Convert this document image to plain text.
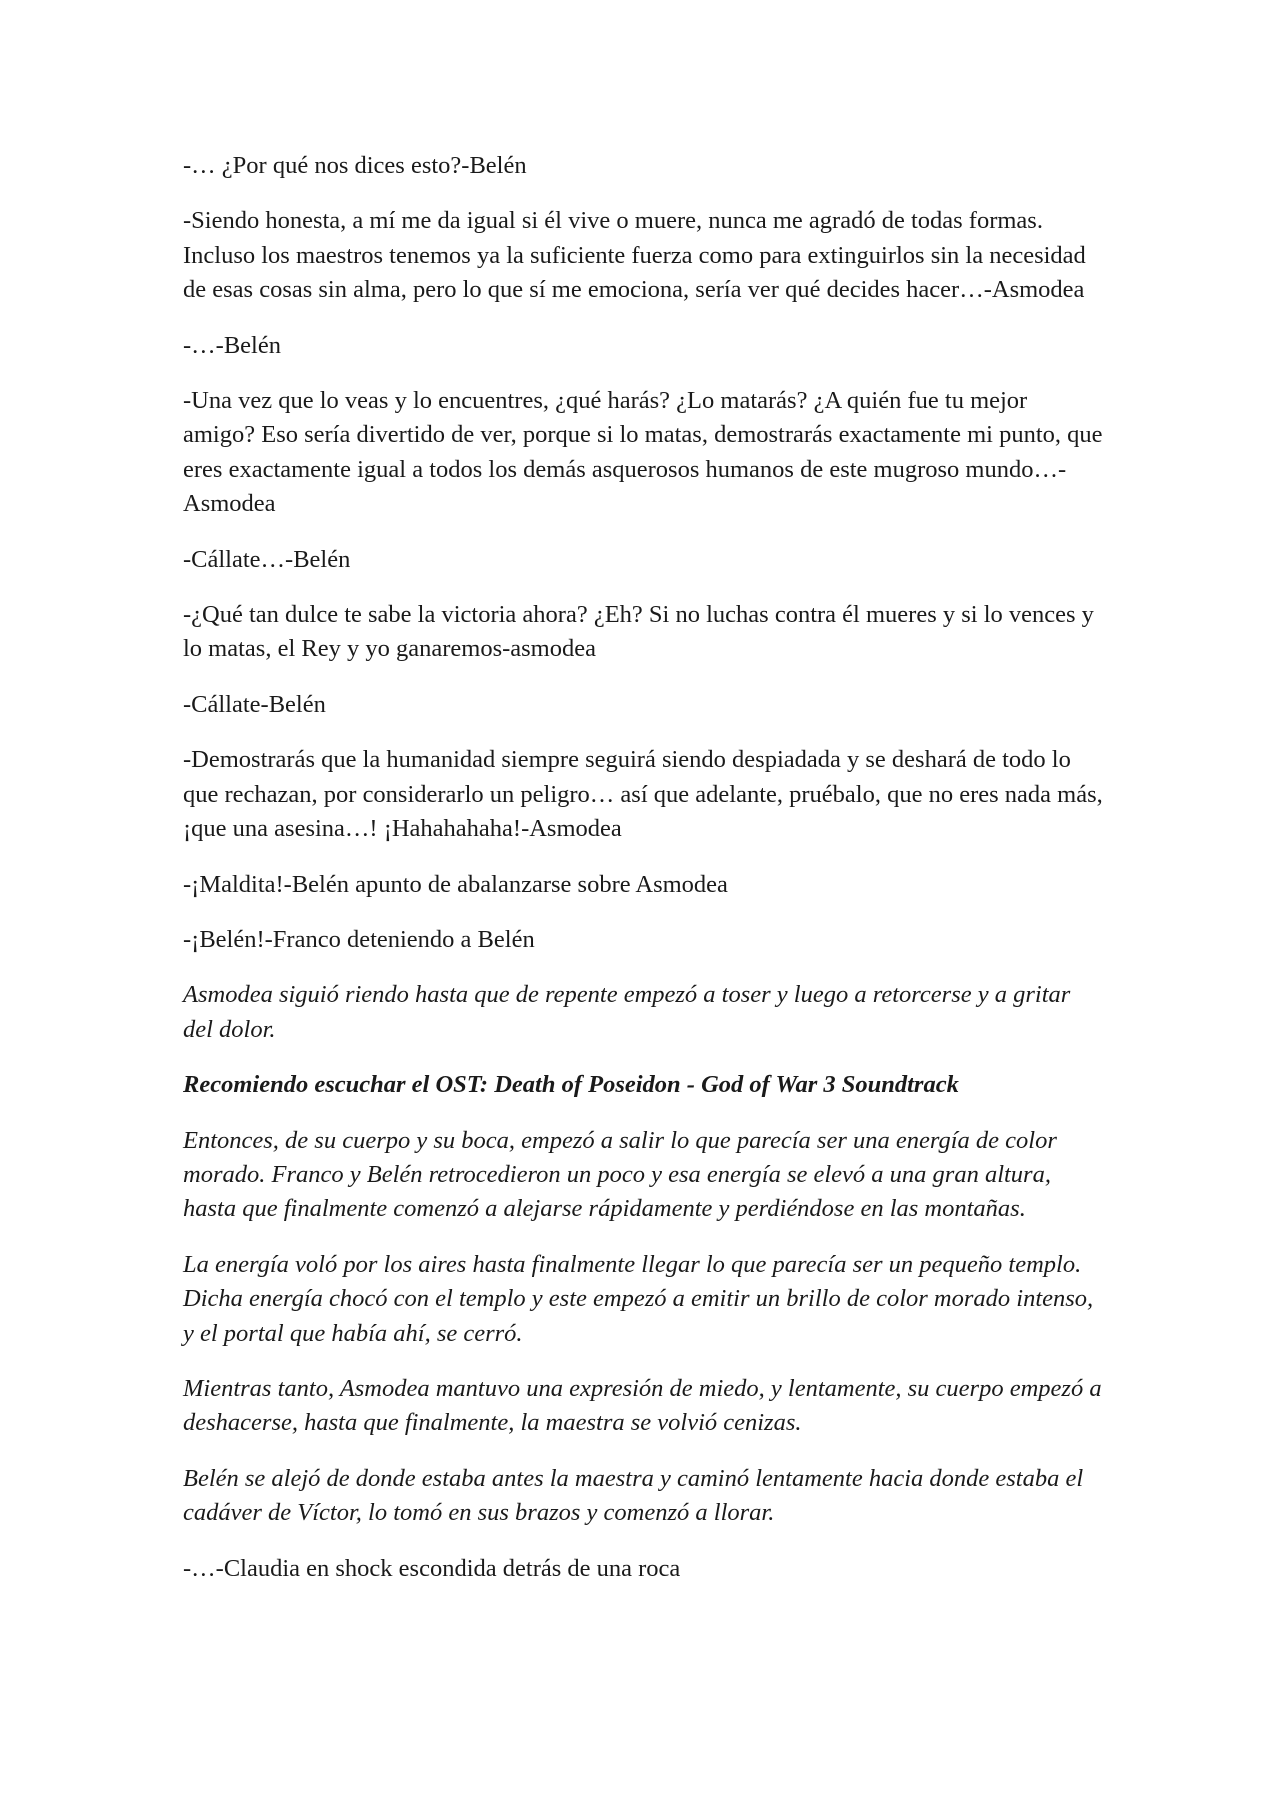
-… ¿Por qué nos dices esto?-Belén

-Siendo honesta, a mí me da igual si él vive o muere, nunca me agradó de todas formas. Incluso los maestros tenemos ya la suficiente fuerza como para extinguirlos sin la necesidad de esas cosas sin alma, pero lo que sí me emociona, sería ver qué decides hacer…-Asmodea

-…-Belén

-Una vez que lo veas y lo encuentres, ¿qué harás? ¿Lo matarás? ¿A quién fue tu mejor amigo? Eso sería divertido de ver, porque si lo matas, demostrarás exactamente mi punto, que eres exactamente igual a todos los demás asquerosos humanos de este mugroso mundo…-Asmodea

-Cállate…-Belén

-¿Qué tan dulce te sabe la victoria ahora? ¿Eh? Si no luchas contra él mueres y si lo vences y lo matas, el Rey y yo ganaremos-asmodea

-Cállate-Belén

-Demostrarás que la humanidad siempre seguirá siendo despiadada y se deshará de todo lo que rechazan, por considerarlo un peligro… así que adelante, pruébalo, que no eres nada más, ¡que una asesina…! ¡Hahahahaha!-Asmodea

-¡Maldita!-Belén apunto de abalanzarse sobre Asmodea

-¡Belén!-Franco deteniendo a Belén

Asmodea siguió riendo hasta que de repente empezó a toser y luego a retorcerse y a gritar del dolor.

Recomiendo escuchar el OST: Death of Poseidon - God of War 3 Soundtrack

Entonces, de su cuerpo y su boca, empezó a salir lo que parecía ser una energía de color morado. Franco y Belén retrocedieron un poco y esa energía se elevó a una gran altura, hasta que finalmente comenzó a alejarse rápidamente y perdiéndose en las montañas.

La energía voló por los aires hasta finalmente llegar lo que parecía ser un pequeño templo. Dicha energía chocó con el templo y este empezó a emitir un brillo de color morado intenso, y el portal que había ahí, se cerró.

Mientras tanto, Asmodea mantuvo una expresión de miedo, y lentamente, su cuerpo empezó a deshacerse, hasta que finalmente, la maestra se volvió cenizas.

Belén se alejó de donde estaba antes la maestra y caminó lentamente hacia donde estaba el cadáver de Víctor, lo tomó en sus brazos y comenzó a llorar.

-…-Claudia en shock escondida detrás de una roca
